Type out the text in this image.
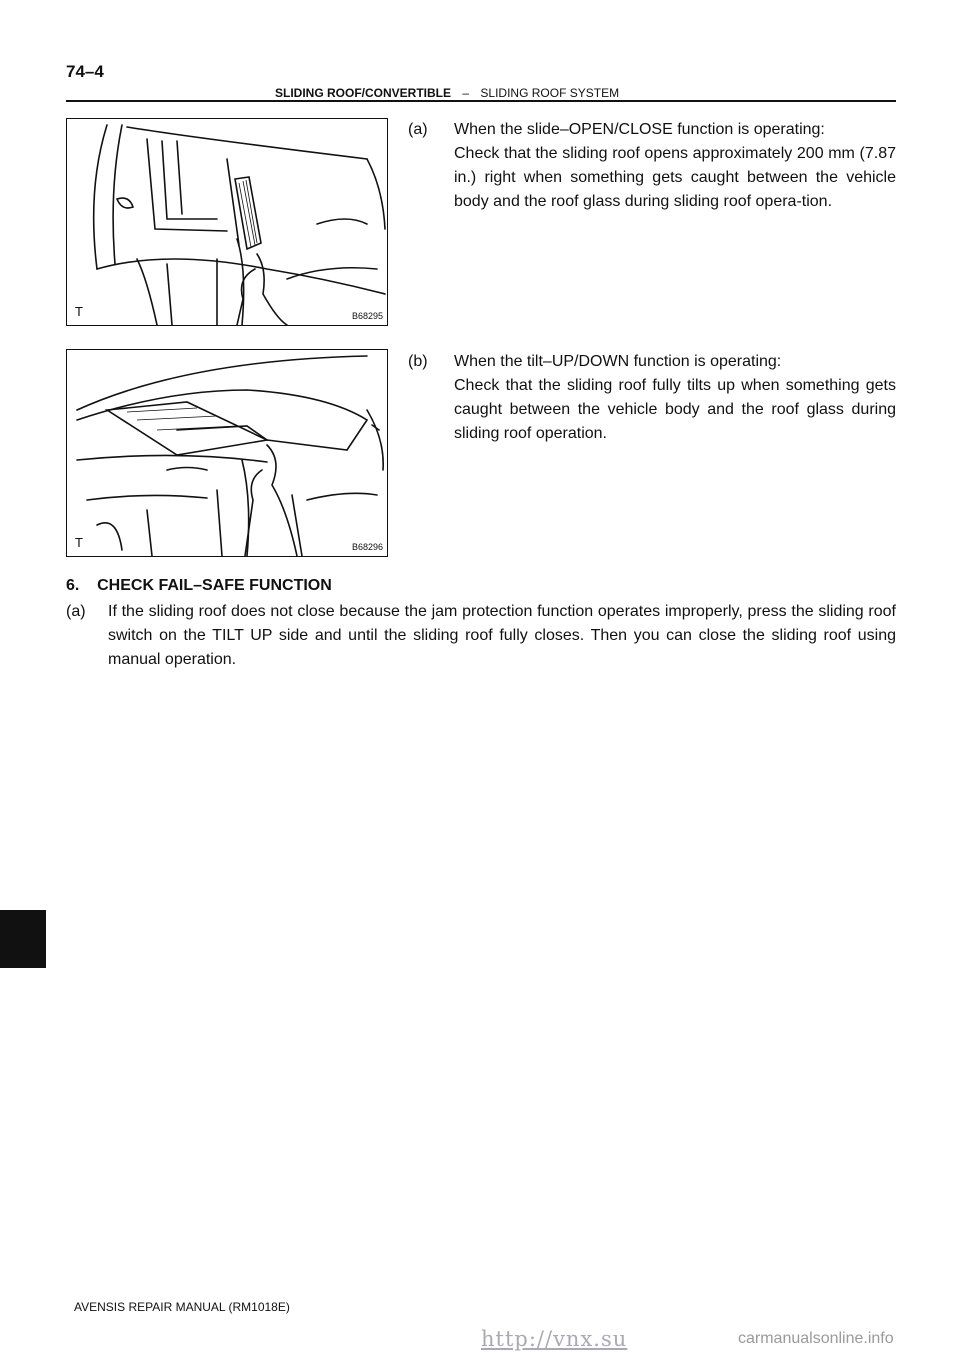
74–4
SLIDING ROOF/CONVERTIBLE – SLIDING ROOF SYSTEM
T	B68295
T	B68296
(a) When the slide–OPEN/CLOSE function is operating:
Check that the sliding roof opens approximately 200 mm (7.87 in.) right when something gets caught between the vehicle body and the roof glass during sliding roof opera-tion.
(b) When the tilt–UP/DOWN function is operating:
Check that the sliding roof fully tilts up when something gets caught between the vehicle body and the roof glass during sliding roof operation.
6.    CHECK FAIL–SAFE FUNCTION
(a) If the sliding roof does not close because the jam protection function operates improperly, press the sliding roof switch on the TILT UP side and until the sliding roof fully closes. Then you can close the sliding roof using manual operation.
AVENSIS REPAIR MANUAL (RM1018E)
http://vnx.su	carmanualsonline.info
